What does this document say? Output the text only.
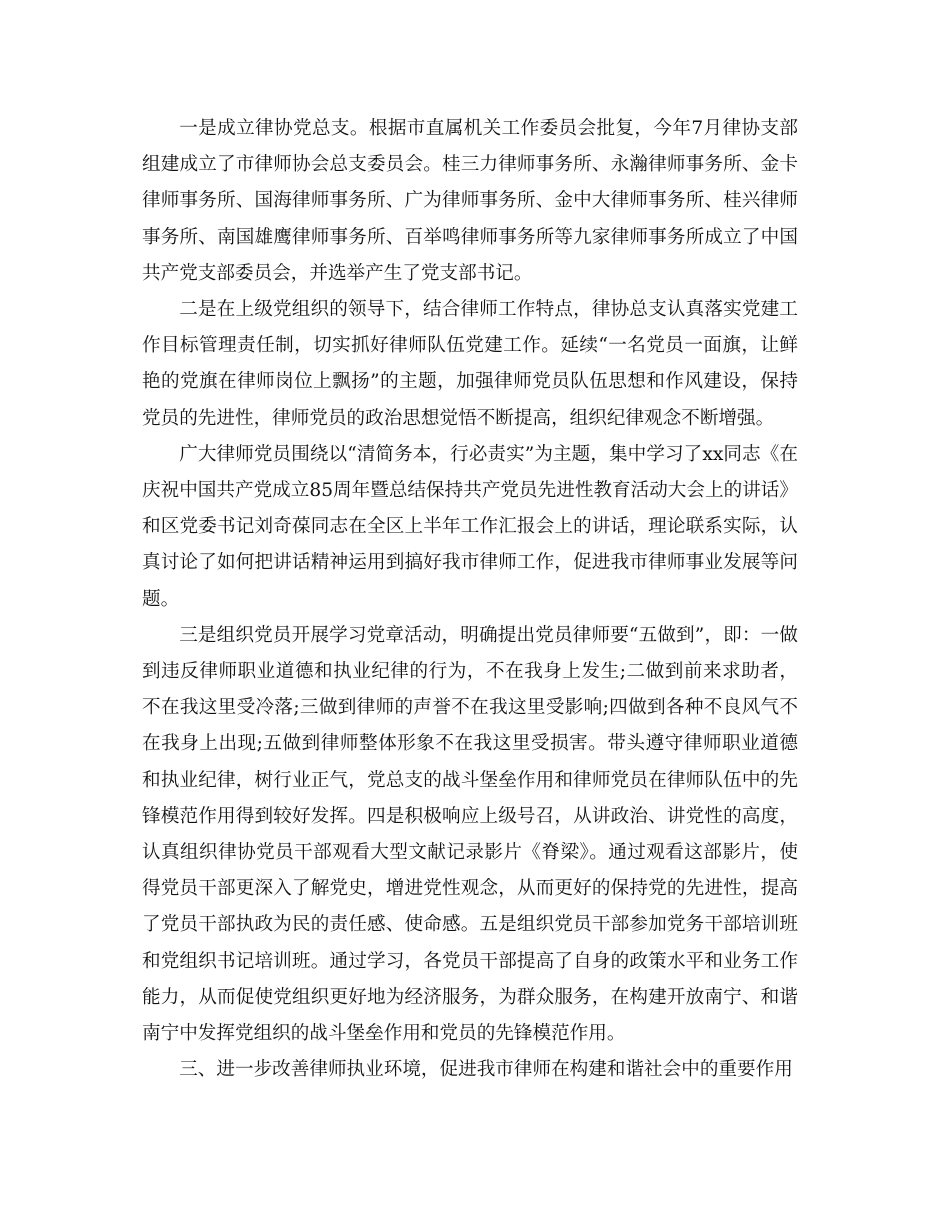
一是成立律协党总支。根据市直属机关工作委员会批复，今年7月律协支部组建成立了市律师协会总支委员会。桂三力律师事务所、永瀚律师事务所、金卡律师事务所、国海律师事务所、广为律师事务所、金中大律师事务所、桂兴律师事务所、南国雄鹰律师事务所、百举鸣律师事务所等九家律师事务所成立了中国共产党支部委员会，并选举产生了党支部书记。

二是在上级党组织的领导下，结合律师工作特点，律协总支认真落实党建工作目标管理责任制，切实抓好律师队伍党建工作。延续“一名党员一面旗，让鲜艳的党旗在律师岗位上飘扬”的主题，加强律师党员队伍思想和作风建设，保持党员的先进性，律师党员的政治思想觉悟不断提高，组织纪律观念不断增强。

广大律师党员围绕以“清简务本，行必责实”为主题，集中学习了xx同志《在庆祝中国共产党成立85周年暨总结保持共产党员先进性教育活动大会上的讲话》和区党委书记刘奇葆同志在全区上半年工作汇报会上的讲话，理论联系实际，认真讨论了如何把讲话精神运用到搞好我市律师工作，促进我市律师事业发展等问题。

三是组织党员开展学习党章活动，明确提出党员律师要“五做到”，即：一做到违反律师职业道德和执业纪律的行为，不在我身上发生;二做到前来求助者，不在我这里受冷落;三做到律师的声誉不在我这里受影响;四做到各种不良风气不在我身上出现;五做到律师整体形象不在我这里受损害。带头遵守律师职业道德和执业纪律，树行业正气，党总支的战斗堡垒作用和律师党员在律师队伍中的先锋模范作用得到较好发挥。四是积极响应上级号召，从讲政治、讲党性的高度，认真组织律协党员干部观看大型文献记录影片《脊梁》。通过观看这部影片，使得党员干部更深入了解党史，增进党性观念，从而更好的保持党的先进性，提高了党员干部执政为民的责任感、使命感。五是组织党员干部参加党务干部培训班和党组织书记培训班。通过学习，各党员干部提高了自身的政策水平和业务工作能力，从而促使党组织更好地为经济服务，为群众服务，在构建开放南宁、和谐南宁中发挥党组织的战斗堡垒作用和党员的先锋模范作用。

三、进一步改善律师执业环境，促进我市律师在构建和谐社会中的重要作用
